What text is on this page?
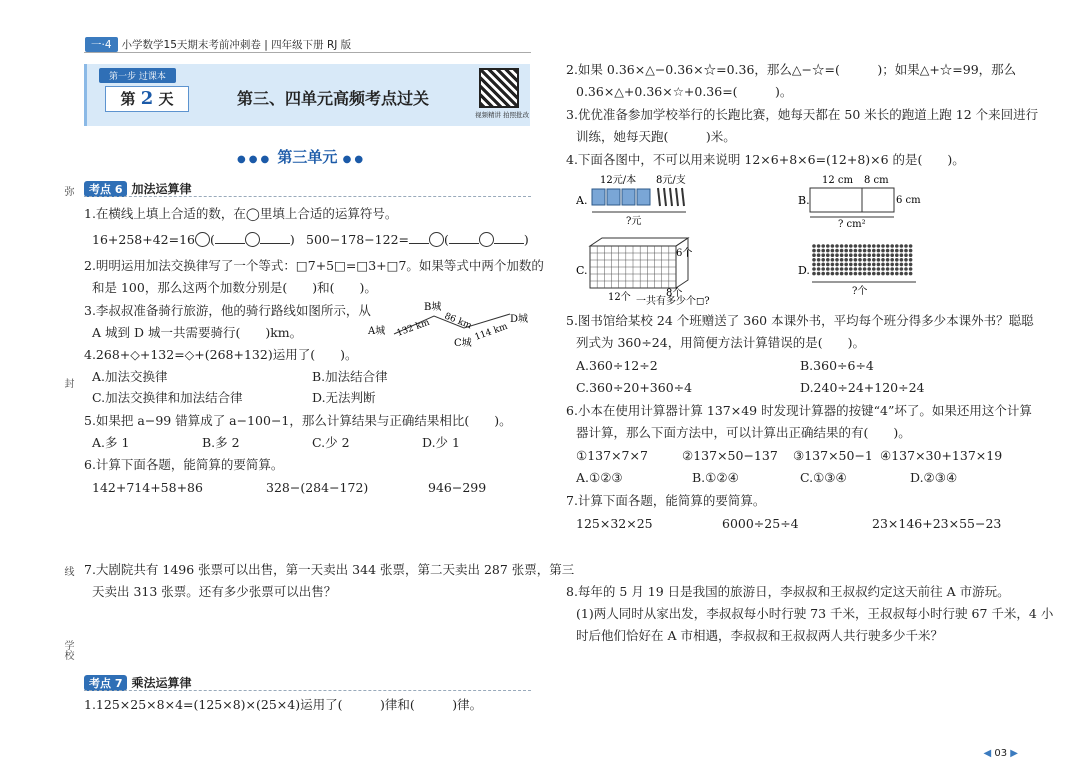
一·4 小学数学15天期末考前冲刺卷 | 四年级下册 RJ 版
第一步 过课本
第 2 天	第三、四单元高频考点过关
视频精讲 拍照批改
●●● 第三单元 ●●
弥
封
线
学校
考点 6 加法运算律
1.在横线上填上合适的数，在◯里填上合适的运算符号。
16+258+42=16 (	) 500−178−122=	(	)
2.明明运用加法交换律写了一个等式：□7+5□=□3+□7。如果等式中两个加数的
和是 100，那么这两个加数分别是(　　)和(　　)。
3.李叔叔准备骑行旅游，他的骑行路线如图所示，从
A 城到 D 城一共需要骑行(　　)km。	A城
B城
C城
D城
132 km 86 km
114 km
4.268+◇+132=◇+(268+132)运用了(　　)。
A.加法交换律	B.加法结合律
C.加法交换律和加法结合律	D.无法判断
5.如果把 a−99 错算成了 a−100−1，那么计算结果与正确结果相比(　　)。
A.多 1	B.多 2	C.少 2	D.少 1
6.计算下面各题，能简算的要简算。
142+714+58+86	328−(284−172)	946−299
7.大剧院共有 1496 张票可以出售，第一天卖出 344 张票，第二天卖出 287 张票，第三
天卖出 313 张票。还有多少张票可以出售？
考点 7 乘法运算律
1.125×25×8×4=(125×8)×(25×4)运用了(　　　)律和(　　　)律。
2.如果 0.36×△−0.36×☆=0.36，那么△−☆=(　　　)；如果△+☆=99，那么
0.36×△+0.36×☆+0.36=(　　　)。
3.优优准备参加学校举行的长跑比赛，她每天都在 50 米长的跑道上跑 12 个来回进行
训练，她每天跑(　　　)米。
4.下面各图中，不可以用来说明 12×6+8×6=(12+8)×6 的是(　　)。
A.
12元/本 8元/支
?元
B.
12 cm 8 cm
6 cm
? cm²
C.
6个
8个
12个 一共有多少个◻?
D.
?个
5.图书馆给某校 24 个班赠送了 360 本课外书，平均每个班分得多少本课外书？聪聪
列式为 360÷24，用简便方法计算错误的是(　　)。
A.360÷12÷2	B.360÷6÷4
C.360÷20+360÷4	D.240÷24+120÷24
6.小本在使用计算器计算 137×49 时发现计算器的按键“4”坏了。如果还用这个计算
器计算，那么下面方法中，可以计算出正确结果的有(　　)。
①137×7×7	②137×50−137 ③137×50−1 ④137×30+137×19
A.①②③	B.①②④	C.①③④	D.②③④
7.计算下面各题，能简算的要简算。
125×32×25	6000÷25÷4	23×146+23×55−23
8.每年的 5 月 19 日是我国的旅游日，李叔叔和王叔叔约定这天前往 A 市游玩。
(1)两人同时从家出发，李叔叔每小时行驶 73 千米，王叔叔每小时行驶 67 千米，4 小
时后他们恰好在 A 市相遇，李叔叔和王叔叔两人共行驶多少千米？
◀ 03 ▶
